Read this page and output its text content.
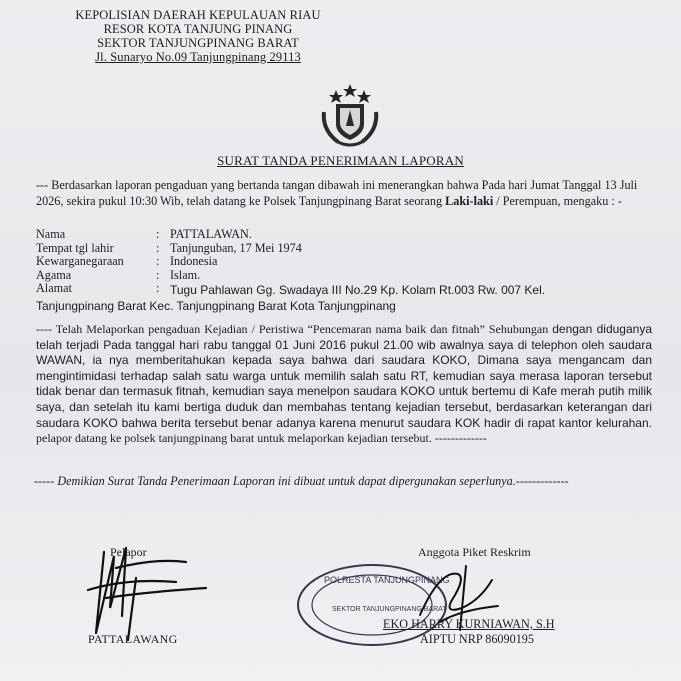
KEPOLISIAN DAERAH KEPULAUAN RIAU
RESOR KOTA TANJUNG PINANG
SEKTOR TANJUNGPINANG BARAT
Jl. Sunaryo No.09 Tanjungpinang 29113
SURAT TANDA PENERIMAAN LAPORAN
--- Berdasarkan laporan pengaduan yang bertanda tangan dibawah ini menerangkan bahwa Pada hari Jumat Tanggal 13 Juli 2026, sekira pukul 10:30 Wib, telah datang ke Polsek Tanjungpinang Barat seorang Laki-laki / Perempuan, mengaku : -
Nama	: PATTALAWAN.
Tempat tgl lahir	: Tanjunguban, 17 Mei 1974
Kewarganegaraan	: Indonesia
Agama	: Islam.
Alamat	: Tugu Pahlawan Gg. Swadaya III No.29 Kp. Kolam Rt.003 Rw. 007 Kel.
Tanjungpinang Barat Kec. Tanjungpinang Barat Kota Tanjungpinang
---- Telah Melaporkan pengaduan Kejadian / Peristiwa “Pencemaran nama baik dan fitnah” Sehubungan dengan diduganya telah terjadi Pada tanggal hari rabu tanggal 01 Juni 2016 pukul 21.00 wib awalnya saya di telephon oleh saudara WAWAN, ia nya memberitahukan kepada saya bahwa dari saudara KOKO, Dimana saya mengancam dan mengintimidasi terhadap salah satu warga untuk memilih salah satu RT, kemudian saya merasa laporan tersebut tidak benar dan termasuk fitnah, kemudian saya menelpon saudara KOKO untuk bertemu di Kafe merah putih milik saya, dan setelah itu kami bertiga duduk dan membahas tentang kejadian tersebut, berdasarkan keterangan dari saudara KOKO bahwa berita tersebut benar adanya karena menurut saudara KOK hadir di rapat kantor kelurahan. pelapor datang ke polsek tanjungpinang barat untuk melaporkan kejadian tersebut. -------------
----- Demikian Surat Tanda Penerimaan Laporan ini dibuat untuk dapat dipergunakan seperlunya.-------------
Pelapor	Anggota Piket Reskrim
PATTALAWANG
POLRESTA TANJUNGPINANG
SEKTOR TANJUNGPINANG BARAT
EKO HARRY KURNIAWAN, S.H
AIPTU NRP 86090195
